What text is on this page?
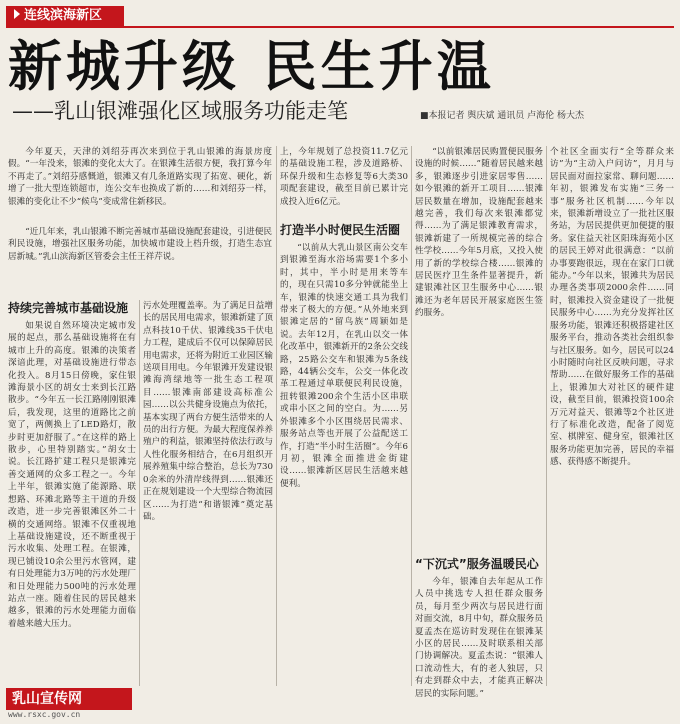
连线滨海新区
新城升级 民生升温
——乳山银滩强化区域服务功能走笔	■本报记者 舆庆斌 通讯员 卢海伦 杨大杰
今年夏天，天津的刘绍芬再次来到位于乳山银滩的海景房度假。“一年没来，银滩的变化太大了。在银滩生活很方便，我打算今年不再走了。”刘绍芬感慨道，银滩又有几条道路实现了拓宽、硬化，新增了一批大型连锁超市，连公交车也换成了新的……和刘绍芬一样，银滩的变化让不少“候鸟”变成常住新移民。
“近几年来，乳山银滩不断完善城市基础设施配套建设，引进便民利民设施，增强社区服务功能，加快城市建设上档升级，打造生态宜居新城。”乳山滨海新区管委会主任王祥芹说。
持续完善城市基础设施
如果说自然环境决定城市发展的起点，那么基础设施将在有城市上升的高度。银滩的决策者深谙此理，对基础设施进行带态化投入。8月15日傍晚，家住银滩海景小区的胡女士来到长江路散步。“今年五一长江路刚刚银滩后，我发现，这里的道路比之前宽了，两侧换上了LED路灯，散步时更加舒服了。”在这样的路上散步，心里特别踏实。”胡女士说。长江路扩建工程只是银滩完善交通网的众多工程之一。今年上半年，银滩实施了能源路、联想路、环滩北路等主干道的升级改造，进一步完善银滩区外二十横的交通网络。银滩不仅重视地上基础设施建设，还不断重视于污水收集、处理工程。在银滩，现已铺设10余公里污水管网，建有日处理能力3万吨的污水处理厂和日处理能力500吨的污水处理站点一座。随着住民的居民越来越多，银滩的污水处理能力面临着越来越大压力。
污水处理覆盖率。为了满足日益增长的居民用电需求，银滩新建了顶点科技10千伏、银滩线35千伏电力工程，建成后不仅可以保障居民用电需求，还将为附近工业园区输送项目用电。今年银滩开发建设银滩海湾绿地等一批生态工程项目……银滩南部建设高标准公园……以公共健身设施点为依托，基本实现了两台方便生活带来的人员的出行方便。为最大程度保养养殖户的利益，银滩坚持依法行政与人性化服务相结合，在6月组织开展养殖集中综合整治，总长为7300余米的外清岸线得到……银滩还正在规划建设一个大型综合物流园区……为打造“和谐银滩”奠定基础。
上，今年规划了总投资11.7亿元的基础设施工程，涉及道路桥、环保升级和生态修复等6大类30项配套建设，截至目前已累计完成投入近6亿元。
打造半小时便民生活圈
“以前从大乳山景区南公交车到银滩至海水浴场需要1个多小时，其中，半小时是用来等车的，现在只需10多分钟就能坐上车，银滩的快速交通工具为我们带来了极大的方便。”从外地来到银滩定居的“留鸟族”周颖如是说。去年12月，在乳山以交一体化改革中，银滩新开的2条公交线路，25路公交车和银滩为5条线路，44辆公交车，公交一体化改革工程通过单联便民利民设施，扭转银滩200余个生活小区串联或串小区之间的空白。为……另外银滩多个小区围绕居民需求、服务站点等也开展了公益配送工作，打造“半小时生活圈”。今年6月初，银滩全面推进金街建设……银滩新区居民生活越来越便利。
“以前银滩居民购置便民服务设施的时候……”随着居民越来越多，银滩逐步引进家居零售……如今银滩的新开工项目……银滩居民数量在增加，设施配套越来越完善，我们每次来银滩都觉得……为了满足银滩教育需求，银滩新建了一所规模完善的综合性学校……今年5月底，又投入使用了新的学校综合楼……银滩的居民医疗卫生条件显著提升，新建银滩社区卫生服务中心……银滩还为老年居民开展家庭医生签约服务。
“下沉式”服务温暖民心
今年，银滩自去年起从工作人员中挑选专人担任群众服务员，每月至少两次与居民进行面对面交流，8月中旬，群众服务员夏孟杰在巡访时发现住在银滩某小区的居民……及时联系相关部门协调解决。夏孟杰说：“银滩人口流动性大，有的老人独居，只有走到群众中去，才能真正解决居民的实际问题。”
个社区全面实行“全等群众来访”为“主动入户问访”，月月与居民面对面拉家常、聊问题……年初，银滩发布实施“三务一事”服务社区机制……今年以来，银滩新增设立了一批社区服务站，为居民提供更加便捷的服务。家住益天社区阳珠海苑小区的居民王婷对此很满意：“以前办事要跑很远，现在在家门口就能办。”今年以来，银滩共为居民办理各类事项2000余件……同时，银滩投入资金建设了一批便民服务中心……为充分发挥社区服务功能，银滩还积极搭建社区服务平台，推动各类社会组织参与社区服务。如今，居民可以24小时随时向社区反映问题，寻求帮助……在做好服务工作的基础上，银滩加大对社区的硬件建设，截至目前，银滩投资100余万元对益天、银滩等2个社区进行了标准化改造，配备了阅览室、棋牌室、健身室，银滩社区服务功能更加完善，居民的幸福感、获得感不断提升。
乳山宣传网
www.rsxc.gov.cn
